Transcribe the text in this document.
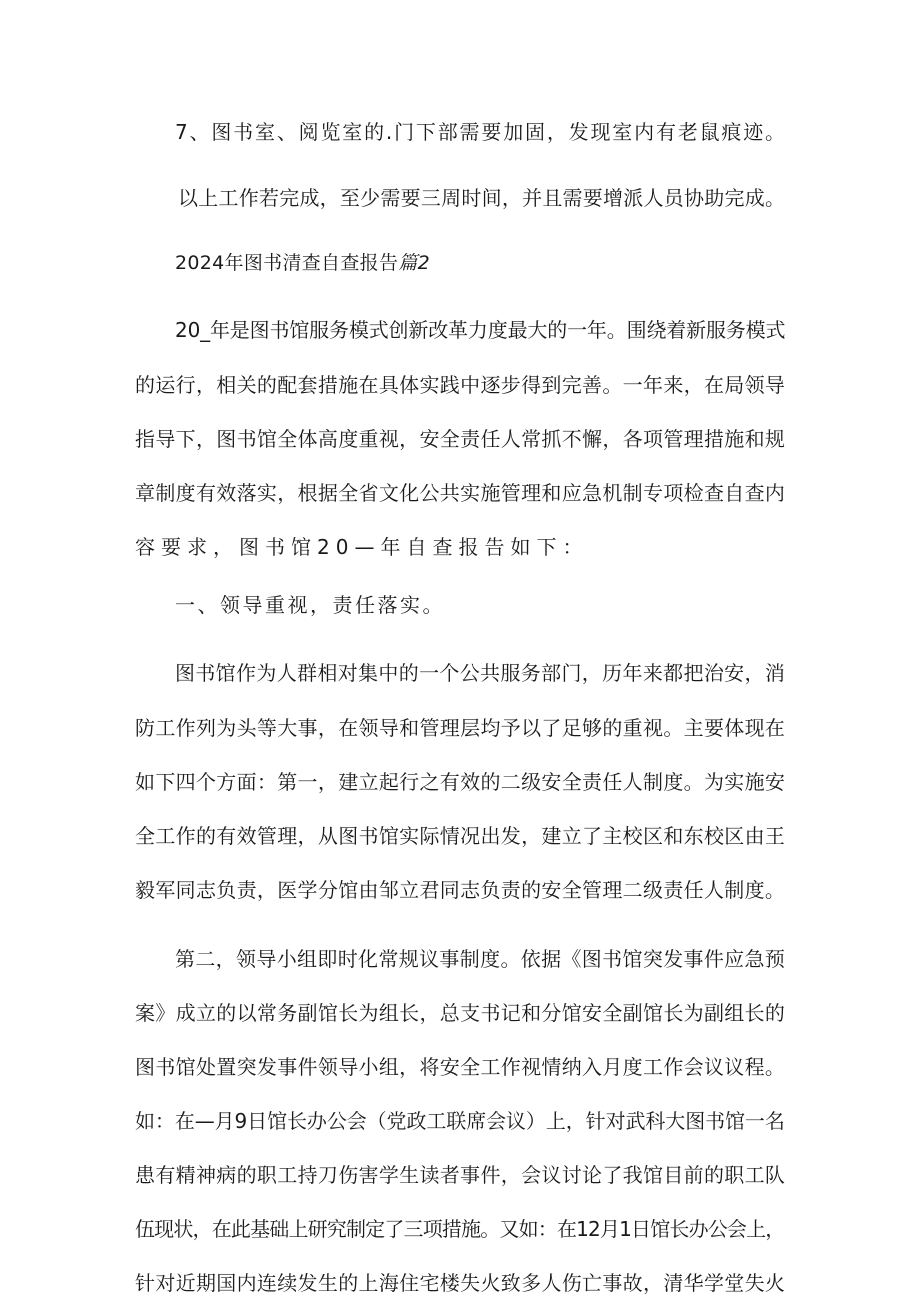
7、图书室、阅览室的.门下部需要加固，发现室内有老鼠痕迹。
以上工作若完成，至少需要三周时间，并且需要增派人员协助完成。
2024年图书清查自查报告篇2
20_年是图书馆服务模式创新改革力度最大的一年。围绕着新服务模式
的运行，相关的配套措施在具体实践中逐步得到完善。一年来，在局领导
指导下，图书馆全体高度重视，安全责任人常抓不懈，各项管理措施和规
章制度有效落实，根据全省文化公共实施管理和应急机制专项检查自查内
容要求，图书馆20—年自查报告如下：
一、领导重视，责任落实。
图书馆作为人群相对集中的一个公共服务部门，历年来都把治安，消
防工作列为头等大事，在领导和管理层均予以了足够的重视。主要体现在
如下四个方面：第一，建立起行之有效的二级安全责任人制度。为实施安
全工作的有效管理，从图书馆实际情况出发，建立了主校区和东校区由王
毅军同志负责，医学分馆由邹立君同志负责的安全管理二级责任人制度。
第二，领导小组即时化常规议事制度。依据《图书馆突发事件应急预
案》成立的以常务副馆长为组长，总支书记和分馆安全副馆长为副组长的
图书馆处置突发事件领导小组，将安全工作视情纳入月度工作会议议程。
如：在—月9日馆长办公会（党政工联席会议）上，针对武科大图书馆一名
患有精神病的职工持刀伤害学生读者事件，会议讨论了我馆目前的职工队
伍现状，在此基础上研究制定了三项措施。又如：在12月1日馆长办公会上，
针对近期国内连续发生的上海住宅楼失火致多人伤亡事故，清华学堂失火
